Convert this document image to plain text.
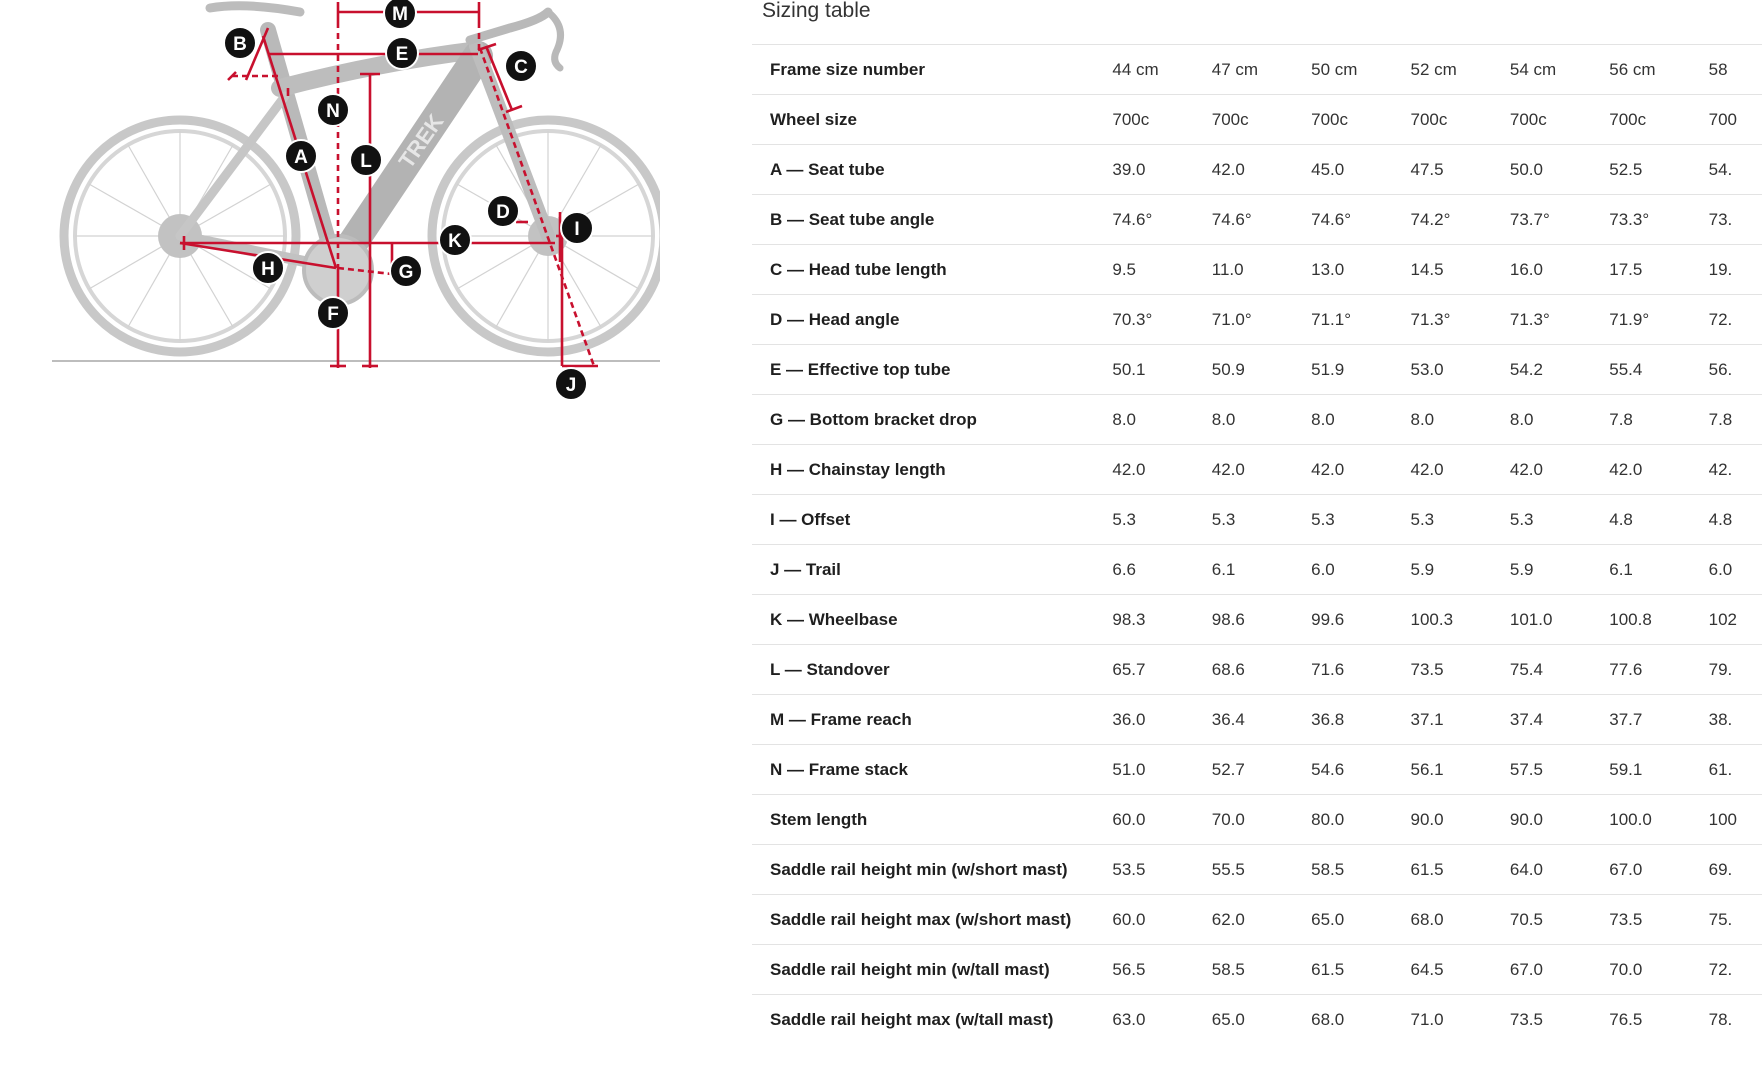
TREK
M
B	E
C
N
A	L
D
I
K
H	G
F
J
Sizing table
Frame size number	44 cm	47 cm	50 cm	52 cm	54 cm	56 cm	58
Wheel size	700c	700c	700c	700c	700c	700c	700
A — Seat tube	39.0	42.0	45.0	47.5	50.0	52.5	54.
B — Seat tube angle	74.6°	74.6°	74.6°	74.2°	73.7°	73.3°	73.
C — Head tube length	9.5	11.0	13.0	14.5	16.0	17.5	19.
D — Head angle	70.3°	71.0°	71.1°	71.3°	71.3°	71.9°	72.
E — Effective top tube	50.1	50.9	51.9	53.0	54.2	55.4	56.
G — Bottom bracket drop	8.0	8.0	8.0	8.0	8.0	7.8	7.8
H — Chainstay length	42.0	42.0	42.0	42.0	42.0	42.0	42.
I — Offset	5.3	5.3	5.3	5.3	5.3	4.8	4.8
J — Trail	6.6	6.1	6.0	5.9	5.9	6.1	6.0
K — Wheelbase	98.3	98.6	99.6	100.3	101.0	100.8	102
L — Standover	65.7	68.6	71.6	73.5	75.4	77.6	79.
M — Frame reach	36.0	36.4	36.8	37.1	37.4	37.7	38.
N — Frame stack	51.0	52.7	54.6	56.1	57.5	59.1	61.
Stem length	60.0	70.0	80.0	90.0	90.0	100.0	100
Saddle rail height min (w/short mast)	53.5	55.5	58.5	61.5	64.0	67.0	69.
Saddle rail height max (w/short mast)	60.0	62.0	65.0	68.0	70.5	73.5	75.
Saddle rail height min (w/tall mast)	56.5	58.5	61.5	64.5	67.0	70.0	72.
Saddle rail height max (w/tall mast)	63.0	65.0	68.0	71.0	73.5	76.5	78.
